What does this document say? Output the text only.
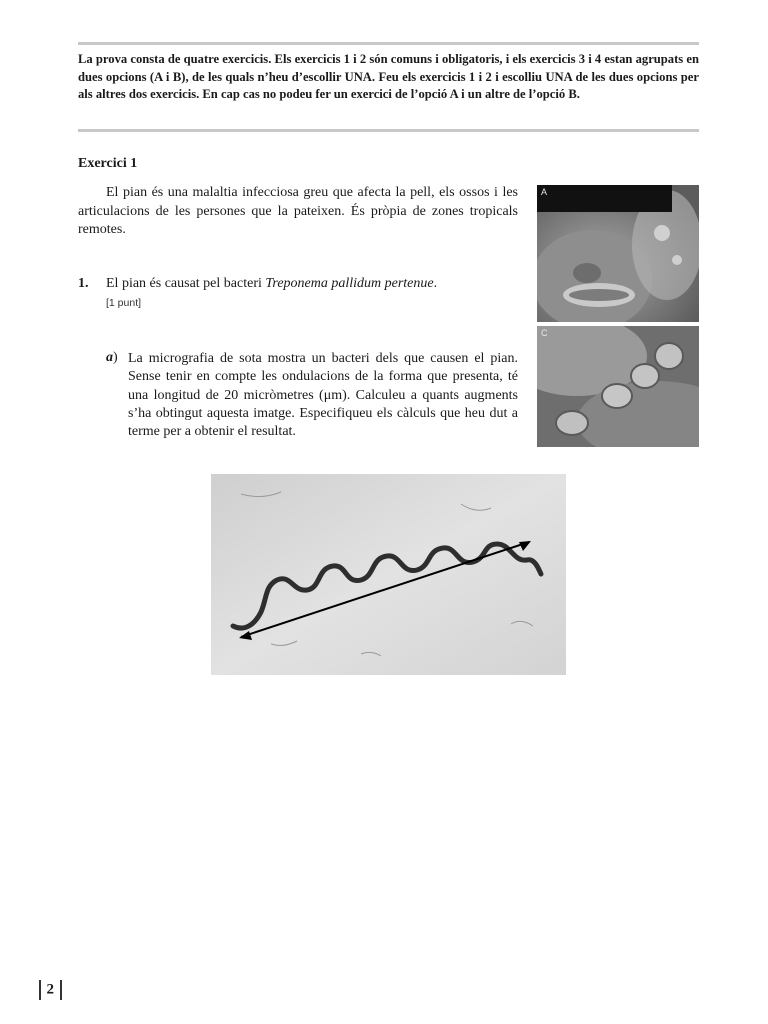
La prova consta de quatre exercicis. Els exercicis 1 i 2 són comuns i obligatoris, i els exercicis 3 i 4 estan agrupats en dues opcions (A i B), de les quals n’heu d’escollir UNA. Feu els exercicis 1 i 2 i escolliu UNA de les dues opcions per als altres dos exercicis. En cap cas no podeu fer un exercici de l’opció A i un altre de l’opció B.
Exercici 1
El pian és una malaltia infecciosa greu que afecta la pell, els ossos i les articulacions de les persones que la pateixen. És pròpia de zones tropicals remotes.
1. El pian és causat pel bacteri Treponema pallidum pertenue.
[1 punt]
a) La micrografia de sota mostra un bacteri dels que causen el pian. Sense tenir en compte les ondulacions de la forma que presenta, té una longitud de 20 micròmetres (μm). Calculeu a quants augments s’ha obtingut aquesta imatge. Especifiqueu els càlculs que heu dut a terme per a obtenir el resultat.
A
C
2
